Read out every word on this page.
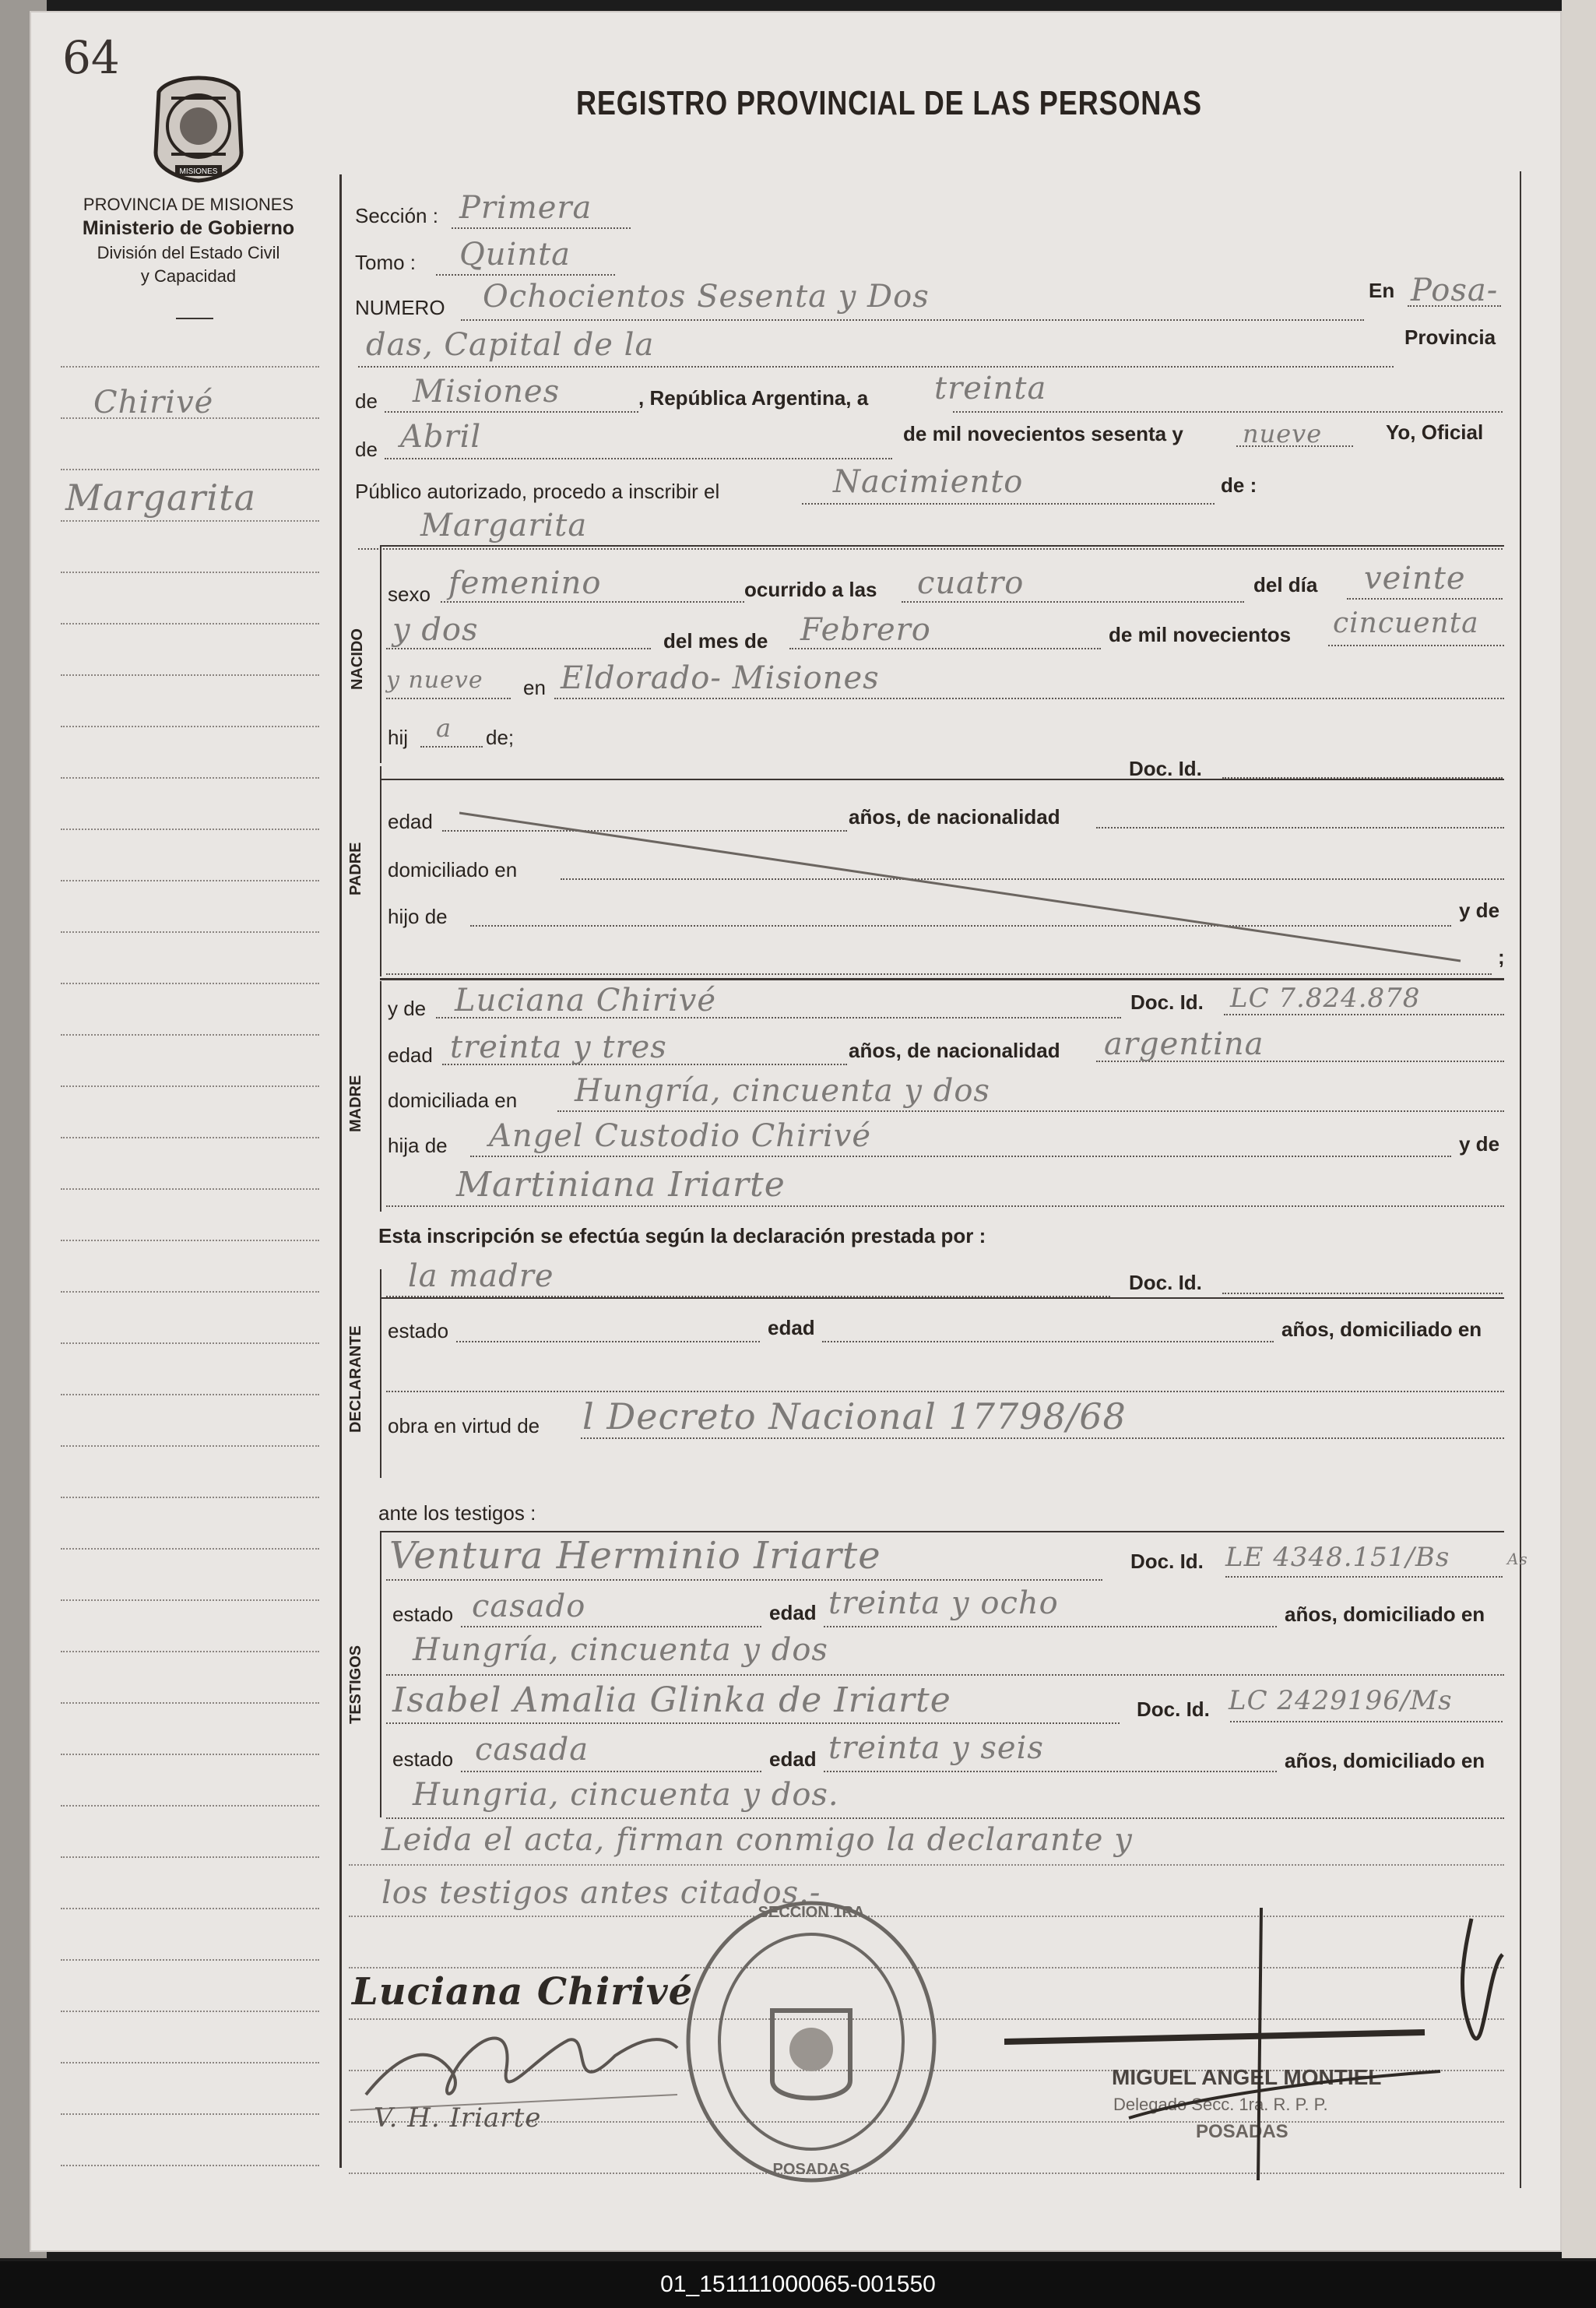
64
MISIONES
REGISTRO PROVINCIAL DE LAS PERSONAS
PROVINCIA DE MISIONES
Ministerio de Gobierno
División del Estado Civil
y Capacidad
Chirivé
Margarita
Sección : Primera
Tomo : Quinta
NUMERO Ochocientos Sesenta y Dos	En Posa-
das, Capital de la	Provincia
de Misiones	, República Argentina, a treinta
de Abril	de mil novecientos sesenta y nueve	Yo, Oficial
Público autorizado, procedo a inscribir el	Nacimiento	de :
Margarita
NACIDO
sexo femenino	ocurrido a las cuatro	del día veinte
y dos	del mes de Febrero	de mil novecientos cincuenta
y nueve en Eldorado- Misiones
hij a de;
PADRE
Doc. Id.
edad	años, de nacionalidad
domiciliado en
hijo de	y de
;
MADRE
y de Luciana Chirivé	Doc. Id. LC 7.824.878
edad treinta y tres	años, de nacionalidad argentina
domiciliada en Hungría, cincuenta y dos
hija de Angel Custodio Chirivé	y de
Martiniana Iriarte
Esta inscripción se efectúa según la declaración prestada por :
DECLARANTE
la madre	Doc. Id.
estado	edad	años, domiciliado en
obra en virtud de l Decreto Nacional 17798/68
ante los testigos :
TESTIGOS
Ventura Herminio Iriarte	Doc. Id. LE 4348.151/Bs	As
estado casado	edad treinta y ocho	años, domiciliado en
Hungría, cincuenta y dos
Isabel Amalia Glinka de Iriarte	Doc. Id. LC 2429196/Ms
estado casada	edad treinta y seis	años, domiciliado en
Hungria, cincuenta y dos.
Leida el acta, firman conmigo la declarante y
los testigos antes citados.-
Luciana Chirivé
V. H. Iriarte
SECCION 1RA
POSADAS
MIGUEL ANGEL MONTIEL
Delegado Secc. 1ra. R. P. P.
POSADAS
01_151111000065-001550
